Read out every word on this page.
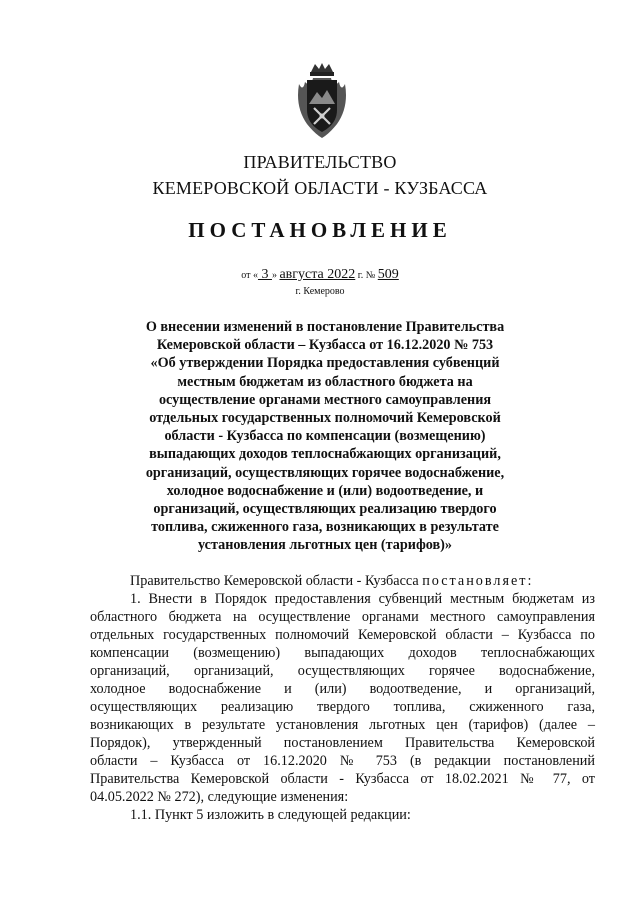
ПРАВИТЕЛЬСТВО
КЕМЕРОВСКОЙ ОБЛАСТИ - КУЗБАССА
ПОСТАНОВЛЕНИЕ
от « 3 » августа 2022 г. № 509
г. Кемерово
О внесении изменений в постановление Правительства
Кемеровской области – Кузбасса от 16.12.2020 № 753
«Об утверждении Порядка предоставления субвенций
местным бюджетам из областного бюджета на
осуществление органами местного самоуправления
отдельных государственных полномочий Кемеровской
области - Кузбасса по компенсации (возмещению)
выпадающих доходов теплоснабжающих организаций,
организаций, осуществляющих горячее водоснабжение,
холодное водоснабжение и (или) водоотведение, и
организаций, осуществляющих реализацию твердого
топлива, сжиженного газа, возникающих в результате
установления льготных цен (тарифов)»
Правительство Кемеровской области - Кузбасса постановляет:
1. Внести в Порядок предоставления субвенций местным бюджетам из
областного бюджета на осуществление органами местного самоуправления
отдельных государственных полномочий Кемеровской области – Кузбасса по
компенсации (возмещению) выпадающих доходов теплоснабжающих
организаций, организаций, осуществляющих горячее водоснабжение,
холодное водоснабжение и (или) водоотведение, и организаций,
осуществляющих реализацию твердого топлива, сжиженного газа,
возникающих в результате установления льготных цен (тарифов) (далее –
Порядок), утвержденный постановлением Правительства Кемеровской
области – Кузбасса от 16.12.2020 № 753 (в редакции постановлений
Правительства Кемеровской области - Кузбасса от 18.02.2021 № 77, от
04.05.2022 № 272), следующие изменения:
1.1. Пункт 5 изложить в следующей редакции:
